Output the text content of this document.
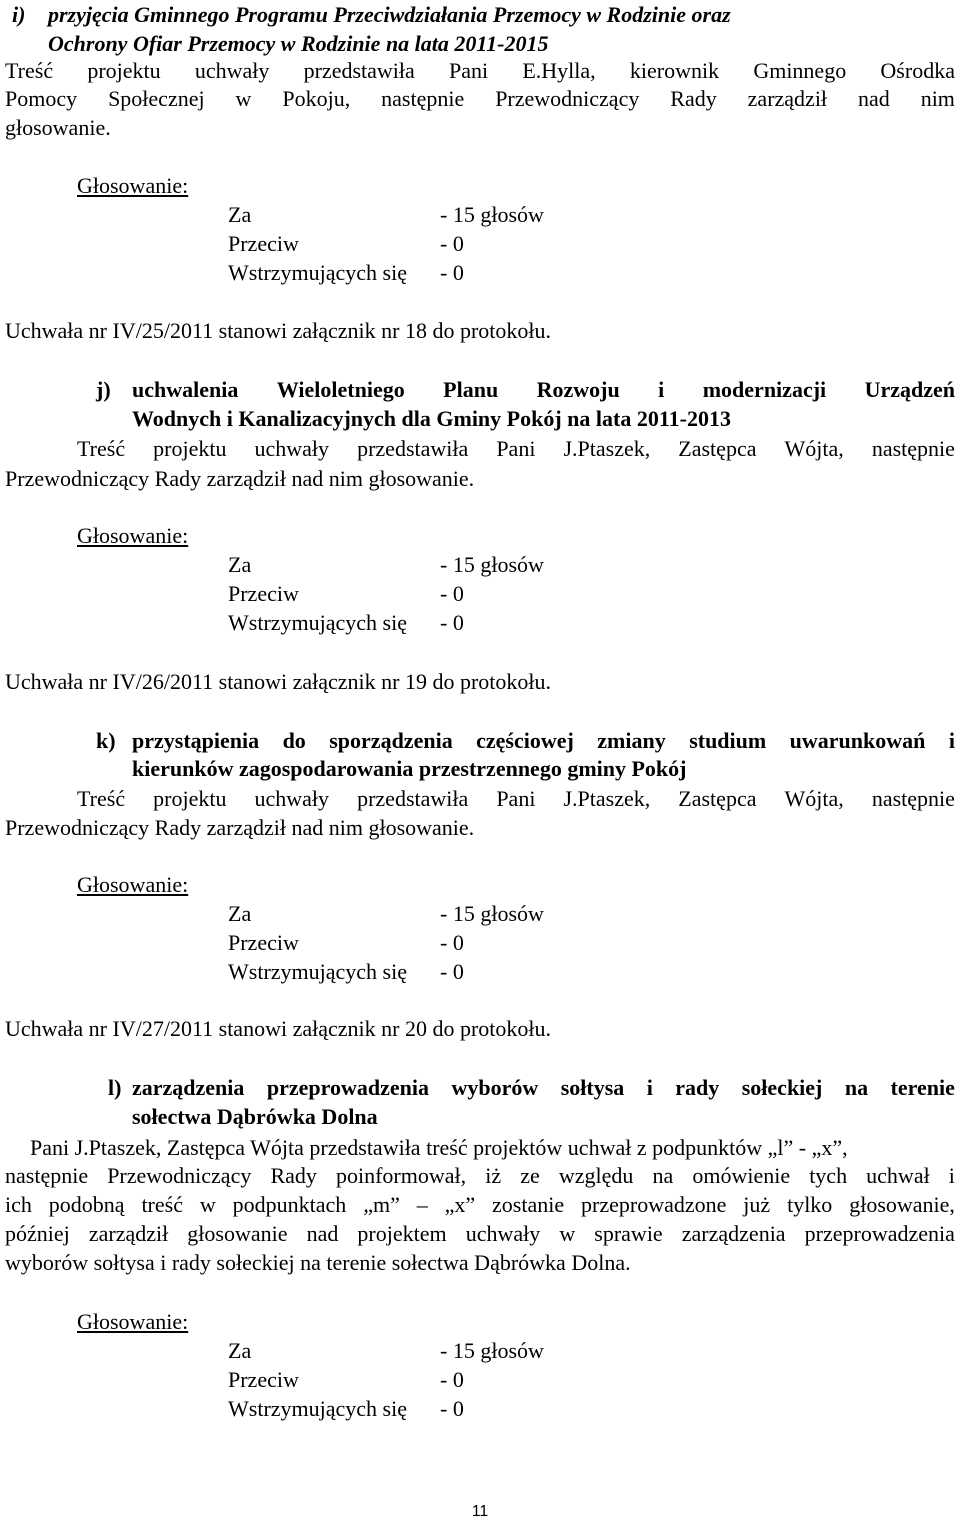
i) przyjęcia Gminnego Programu Przeciwdziałania Przemocy w Rodzinie oraz
Ochrony Ofiar Przemocy w Rodzinie na lata 2011-2015
Treść projektu uchwały przedstawiła Pani E.Hylla, kierownik Gminnego Ośrodka
Pomocy Społecznej w Pokoju, następnie Przewodniczący Rady zarządził nad nim
głosowanie.
Głosowanie:
Za	- 15 głosów
Przeciw	- 0
Wstrzymujących się - 0
Uchwała nr IV/25/2011 stanowi załącznik nr 18 do protokołu.
j) uchwalenia Wieloletniego Planu Rozwoju i modernizacji Urządzeń
Wodnych i Kanalizacyjnych dla Gminy Pokój na lata 2011-2013
Treść projektu uchwały przedstawiła Pani J.Ptaszek, Zastępca Wójta, następnie
Przewodniczący Rady zarządził nad nim głosowanie.
Głosowanie:
Za	- 15 głosów
Przeciw	- 0
Wstrzymujących się - 0
Uchwała nr IV/26/2011 stanowi załącznik nr 19 do protokołu.
k) przystąpienia do sporządzenia częściowej zmiany studium uwarunkowań i
kierunków zagospodarowania przestrzennego gminy Pokój
Treść projektu uchwały przedstawiła Pani J.Ptaszek, Zastępca Wójta, następnie
Przewodniczący Rady zarządził nad nim głosowanie.
Głosowanie:
Za	- 15 głosów
Przeciw	- 0
Wstrzymujących się - 0
Uchwała nr IV/27/2011 stanowi załącznik nr 20 do protokołu.
l) zarządzenia przeprowadzenia wyborów sołtysa i rady sołeckiej na terenie
sołectwa Dąbrówka Dolna
Pani J.Ptaszek, Zastępca Wójta przedstawiła treść projektów uchwał z podpunktów „l” - „x”,
następnie Przewodniczący Rady poinformował, iż ze względu na omówienie tych uchwał i
ich podobną treść w podpunktach „m” – „x” zostanie przeprowadzone już tylko głosowanie,
później zarządził głosowanie nad projektem uchwały w sprawie zarządzenia przeprowadzenia
wyborów sołtysa i rady sołeckiej na terenie sołectwa Dąbrówka Dolna.
Głosowanie:
Za	- 15 głosów
Przeciw	- 0
Wstrzymujących się - 0
11
